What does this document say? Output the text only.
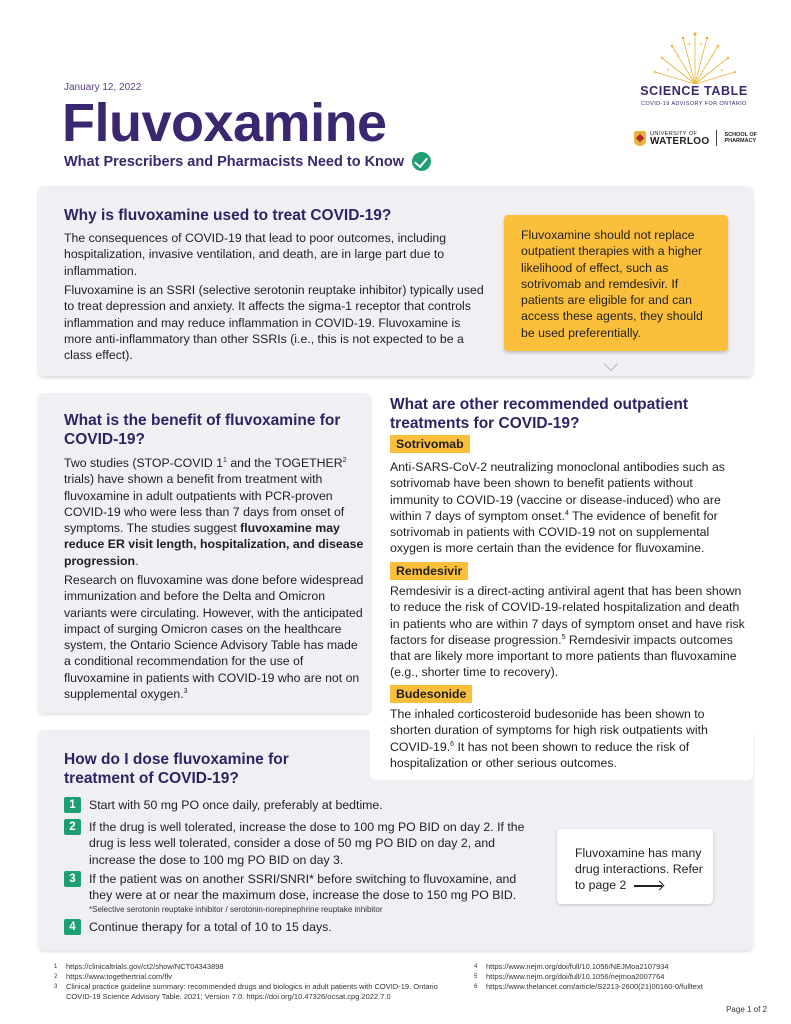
January 12, 2022
Fluvoxamine
What Prescribers and Pharmacists Need to Know
SCIENCE TABLE
COVID-19 ADVISORY FOR ONTARIO
UNIVERSITY OF
WATERLOO
SCHOOL OF
PHARMACY
Why is fluvoxamine used to treat COVID-19?

The consequences of COVID-19 that lead to poor outcomes, including hospitalization, invasive ventilation, and death, are in large part due to inflammation.

Fluvoxamine is an SSRI (selective serotonin reuptake inhibitor) typically used to treat depression and anxiety. It affects the sigma-1 receptor that controls inflammation and may reduce inflammation in COVID-19. Fluvoxamine is more anti-inflammatory than other SSRIs (i.e., this is not expected to be a class effect).

Fluvoxamine should not replace outpatient therapies with a higher likelihood of effect, such as sotrivomab and remdesivir. If patients are eligible for and can access these agents, they should be used preferentially.
What is the benefit of fluvoxamine for COVID-19?

Two studies (STOP-COVID $1^1$ and the TOGETHER$^2$ trials) have shown a benefit from treatment with fluvoxamine in adult outpatients with PCR-proven COVID-19 who were less than 7 days from onset of symptoms. The studies suggest fluvoxamine may reduce ER visit length, hospitalization, and disease progression.

Research on fluvoxamine was done before widespread immunization and before the Delta and Omicron variants were circulating. However, with the anticipated impact of surging Omicron cases on the healthcare system, the Ontario Science Advisory Table has made a conditional recommendation for the use of fluvoxamine in patients with COVID-19 who are not on supplemental oxygen.$^3$

What are other recommended outpatient treatments for COVID-19?
Sotrivomab

Anti-SARS-CoV-2 neutralizing monoclonal antibodies such as sotrivomab have been shown to benefit patients without immunity to COVID-19 (vaccine or disease-induced) who are within 7 days of symptom onset.$^4$ The evidence of benefit for sotrivomab in patients with COVID-19 not on supplemental oxygen is more certain than the evidence for fluvoxamine.

Remdesivir

Remdesivir is a direct-acting antiviral agent that has been shown to reduce the risk of COVID-19-related hospitalization and death in patients who are within 7 days of symptom onset and have risk factors for disease progression.$^5$ Remdesivir impacts outcomes that are likely more important to more patients than fluvoxamine (e.g., shorter time to recovery).

Budesonide

The inhaled corticosteroid budesonide has been shown to shorten duration of symptoms for high risk outpatients with COVID-19.$^6$ It has not been shown to reduce the risk of hospitalization or other serious outcomes.

How do I dose fluvoxamine for treatment of COVID-19?
1	Start with 50 mg PO once daily, preferably at bedtime.
2	If the drug is well tolerated, increase the dose to 100 mg PO BID on day 2. If the drug is less well tolerated, consider a dose of 50 mg PO BID on day 2, and increase the dose to 100 mg PO BID on day 3.
3	If the patient was on another SSRI/SNRI* before switching to fluvoxamine, and they were at or near the maximum dose, increase the dose to 150 mg PO BID.
*Selective serotonin reuptake inhibitor / serotonin-norepinephrine reuptake inhibitor
4	Continue therapy for a total of 10 to 15 days.
Fluvoxamine has many drug interactions. Refer to page 2
1	https://clinicaltrials.gov/ct2/show/NCT04343898
2	https://www.togethertrial.com/flv
3	Clinical practice guideline summary: recommended drugs and biologics in adult patients with COVID-19. Ontario COVID-19 Science Advisory Table. 2021; Version 7.0. https://doi.org/10.47326/ocsat.cpg.2022.7.0
4	https://www.nejm.org/doi/full/10.1056/NEJMoa2107934
5	https://www.nejm.org/doi/full/10.1056/nejmoa2007764
6	https://www.thelancet.com/article/S2213-2600(21)00160-0/fulltext
Page 1 of 2
